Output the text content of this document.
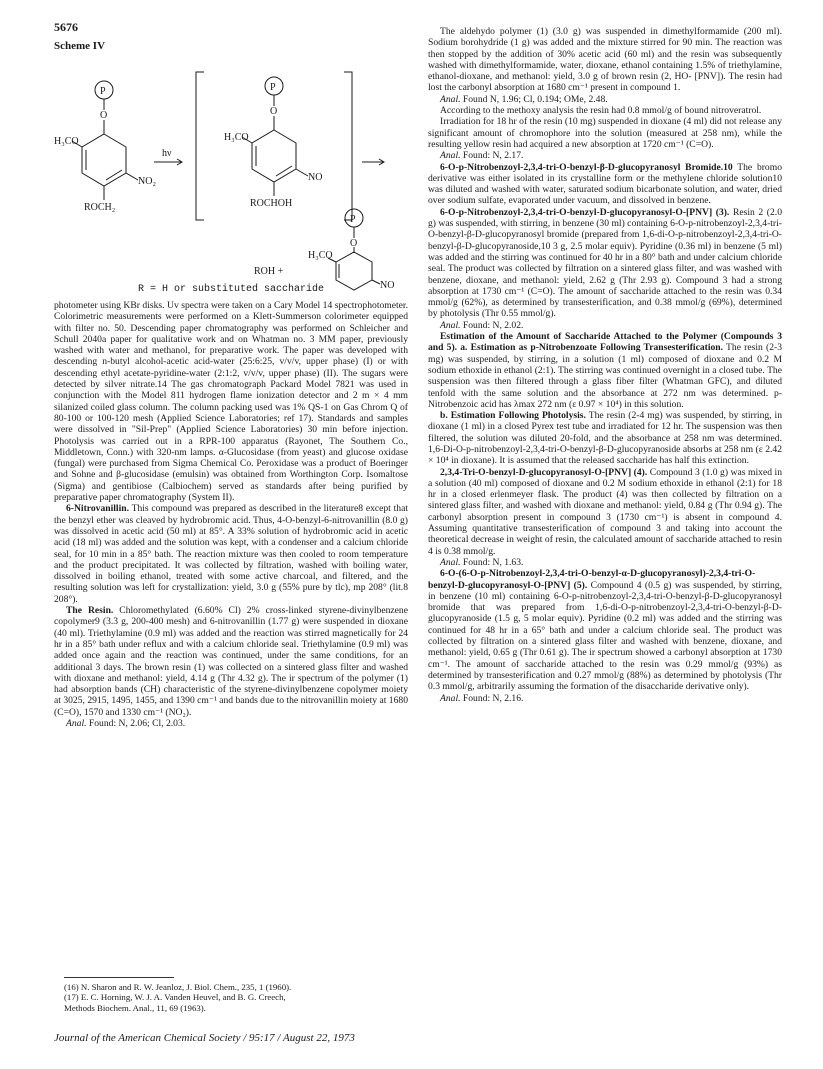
5676
Scheme IV
P
O
H₃CO
NO₂
ROCH₂
hν
P
O
H₃CO
NO
ROCHOH
P
O
H₃CO
ROH +
NO
R = H or substituted saccharide

photometer using KBr disks. Uv spectra were taken on a Cary Model 14 spectrophotometer. Colorimetric measurements were performed on a Klett-Summerson colorimeter equipped with filter no. 50. Descending paper chromatography was performed on Schleicher and Schull 2040a paper for qualitative work and on Whatman no. 3 MM paper, previously washed with water and methanol, for preparative work. The paper was developed with descending n-butyl alcohol-acetic acid-water (25:6:25, v/v/v, upper phase) (I) or with descending ethyl acetate-pyridine-water (2:1:2, v/v/v, upper phase) (II). The sugars were detected by silver nitrate.14 The gas chromatograph Packard Model 7821 was used in conjunction with the Model 811 hydrogen flame ionization detector and 2 m × 4 mm silanized coiled glass column. The column packing used was 1% QS-1 on Gas Chrom Q of 80-100 or 100-120 mesh (Applied Science Laboratories; ref 17). Standards and samples were dissolved in "Sil-Prep" (Applied Science Laboratories) 30 min before injection. Photolysis was carried out in a RPR-100 apparatus (Rayonet, The Southern Co., Middletown, Conn.) with 320-nm lamps. α-Glucosidase (from yeast) and glucose oxidase (fungal) were purchased from Sigma Chemical Co. Peroxidase was a product of Boeringer and Sohne and β-glucosidase (emulsin) was obtained from Worthington Corp. Isomaltose (Sigma) and gentibiose (Calbiochem) served as standards after being purified by preparative paper chromatography (System II).

6-Nitrovanillin. This compound was prepared as described in the literature8 except that the benzyl ether was cleaved by hydrobromic acid. Thus, 4-O-benzyl-6-nitrovanillin (8.0 g) was dissolved in acetic acid (50 ml) at 85°. A 33% solution of hydrobromic acid in acetic acid (18 ml) was added and the solution was kept, with a condenser and a calcium chloride seal, for 10 min in a 85° bath. The reaction mixture was then cooled to room temperature and the product precipitated. It was collected by filtration, washed with boiling water, dissolved in boiling ethanol, treated with some active charcoal, and filtered, and the resulting solution was left for crystallization: yield, 3.0 g (55% pure by tlc), mp 208° (lit.8 208°).

The Resin. Chloromethylated (6.60% Cl) 2% cross-linked styrene-divinylbenzene copolymer9 (3.3 g, 200-400 mesh) and 6-nitrovanillin (1.77 g) were suspended in dioxane (40 ml). Triethylamine (0.9 ml) was added and the reaction was stirred magnetically for 24 hr in a 85° bath under reflux and with a calcium chloride seal. Triethylamine (0.9 ml) was added once again and the reaction was continued, under the same conditions, for an additional 3 days. The brown resin (1) was collected on a sintered glass filter and washed with dioxane and methanol: yield, 4.14 g (Thr 4.32 g). The ir spectrum of the polymer (1) had absorption bands (CH) characteristic of the styrene-divinylbenzene copolymer moiety at 3025, 2915, 1495, 1455, and 1390 cm⁻¹ and bands due to the nitrovanillin moiety at 1680 (C=O), 1570 and 1330 cm⁻¹ (NO₂).

Anal. Found: N, 2.06; Cl, 2.03.

(16) N. Sharon and R. W. Jeanloz, J. Biol. Chem., 235, 1 (1960).

(17) E. C. Horning, W. J. A. Vanden Heuvel, and B. G. Creech,

Methods Biochem. Anal., 11, 69 (1963).

The aldehydo polymer (1) (3.0 g) was suspended in dimethylformamide (200 ml). Sodium borohydride (1 g) was added and the mixture stirred for 90 min. The reaction was then stopped by the addition of 30% acetic acid (60 ml) and the resin was subsequently washed with dimethylformamide, water, dioxane, ethanol containing 1.5% of triethylamine, ethanol-dioxane, and methanol: yield, 3.0 g of brown resin (2, HO- [PNV]). The resin had lost the carbonyl absorption at 1680 cm⁻¹ present in compound 1.

Anal. Found N, 1.96; Cl, 0.194; OMe, 2.48.

According to the methoxy analysis the resin had 0.8 mmol/g of bound nitroveratrol.

Irradiation for 18 hr of the resin (10 mg) suspended in dioxane (4 ml) did not release any significant amount of chromophore into the solution (measured at 258 nm), while the resulting yellow resin had acquired a new absorption at 1720 cm⁻¹ (C=O).

Anal. Found: N, 2.17.

6-O-p-Nitrobenzoyl-2,3,4-tri-O-benzyl-β-D-glucopyranosyl Bromide.10 The bromo derivative was either isolated in its crystalline form or the methylene chloride solution10 was diluted and washed with water, saturated sodium bicarbonate solution, and water, dried over sodium sulfate, evaporated under vacuum, and dissolved in benzene.

6-O-p-Nitrobenzoyl-2,3,4-tri-O-benzyl-D-glucopyranosyl-O-[PNV] (3). Resin 2 (2.0 g) was suspended, with stirring, in benzene (30 ml) containing 6-O-p-nitrobenzoyl-2,3,4-tri-O-benzyl-β-D-glucopyranosyl bromide (prepared from 1,6-di-O-p-nitrobenzoyl-2,3,4-tri-O-benzyl-β-D-glucopyranoside,10 3 g, 2.5 molar equiv). Pyridine (0.36 ml) in benzene (5 ml) was added and the stirring was continued for 40 hr in a 80° bath and under calcium chloride seal. The product was collected by filtration on a sintered glass filter, and was washed with benzene, dioxane, and methanol: yield, 2.62 g (Thr 2.93 g). Compound 3 had a strong absorption at 1730 cm⁻¹ (C=O). The amount of saccharide attached to the resin was 0.34 mmol/g (62%), as determined by transesterification, and 0.38 mmol/g (69%), determined by photolysis (Thr 0.55 mmol/g).

Anal. Found: N, 2.02.

Estimation of the Amount of Saccharide Attached to the Polymer (Compounds 3 and 5). a. Estimation as p-Nitrobenzoate Following Transesterification. The resin (2-3 mg) was suspended, by stirring, in a solution (1 ml) composed of dioxane and 0.2 M sodium ethoxide in ethanol (2:1). The stirring was continued overnight in a closed tube. The suspension was then filtered through a glass fiber filter (Whatman GFC), and diluted tenfold with the same solution and the absorbance at 272 nm was determined. p-Nitrobenzoic acid has λmax 272 nm (ε 0.97 × 10⁴) in this solution.

b. Estimation Following Photolysis. The resin (2-4 mg) was suspended, by stirring, in dioxane (1 ml) in a closed Pyrex test tube and irradiated for 12 hr. The suspension was then filtered, the solution was diluted 20-fold, and the absorbance at 258 nm was determined. 1,6-Di-O-p-nitrobenzoyl-2,3,4-tri-O-benzyl-β-D-glucopyranoside absorbs at 258 nm (ε 2.42 × 10⁴ in dioxane). It is assumed that the released saccharide has half this extinction.

2,3,4-Tri-O-benzyl-D-glucopyranosyl-O-[PNV] (4). Compound 3 (1.0 g) was mixed in a solution (40 ml) composed of dioxane and 0.2 M sodium ethoxide in ethanol (2:1) for 18 hr in a closed erlenmeyer flask. The product (4) was then collected by filtration on a sintered glass filter, and washed with dioxane and methanol: yield, 0.84 g (Thr 0.94 g). The carbonyl absorption present in compound 3 (1730 cm⁻¹) is absent in compound 4. Assuming quantitative transesterification of compound 3 and taking into account the theoretical decrease in weight of resin, the calculated amount of saccharide attached to resin 4 is 0.38 mmol/g.

Anal. Found: N, 1.63.

6-O-(6-O-p-Nitrobenzoyl-2,3,4-tri-O-benzyl-α-D-glucopyranosyl)-2,3,4-tri-O-benzyl-D-glucopyranosyl-O-[PNV] (5). Compound 4 (0.5 g) was suspended, by stirring, in benzene (10 ml) containing 6-O-p-nitrobenzoyl-2,3,4-tri-O-benzyl-β-D-glucopyranosyl bromide that was prepared from 1,6-di-O-p-nitrobenzoyl-2,3,4-tri-O-benzyl-β-D-glucopyranoside (1.5 g, 5 molar equiv). Pyridine (0.2 ml) was added and the stirring was continued for 48 hr in a 65° bath and under a calcium chloride seal. The product was collected by filtration on a sintered glass filter and washed with benzene, dioxane, and methanol: yield, 0.65 g (Thr 0.61 g). The ir spectrum showed a carbonyl absorption at 1730 cm⁻¹. The amount of saccharide attached to the resin was 0.29 mmol/g (93%) as determined by transesterification and 0.27 mmol/g (88%) as determined by photolysis (Thr 0.3 mmol/g, arbitrarily assuming the formation of the disaccharide derivative only).

Anal. Found: N, 2.16.

Journal of the American Chemical Society / 95:17 / August 22, 1973
